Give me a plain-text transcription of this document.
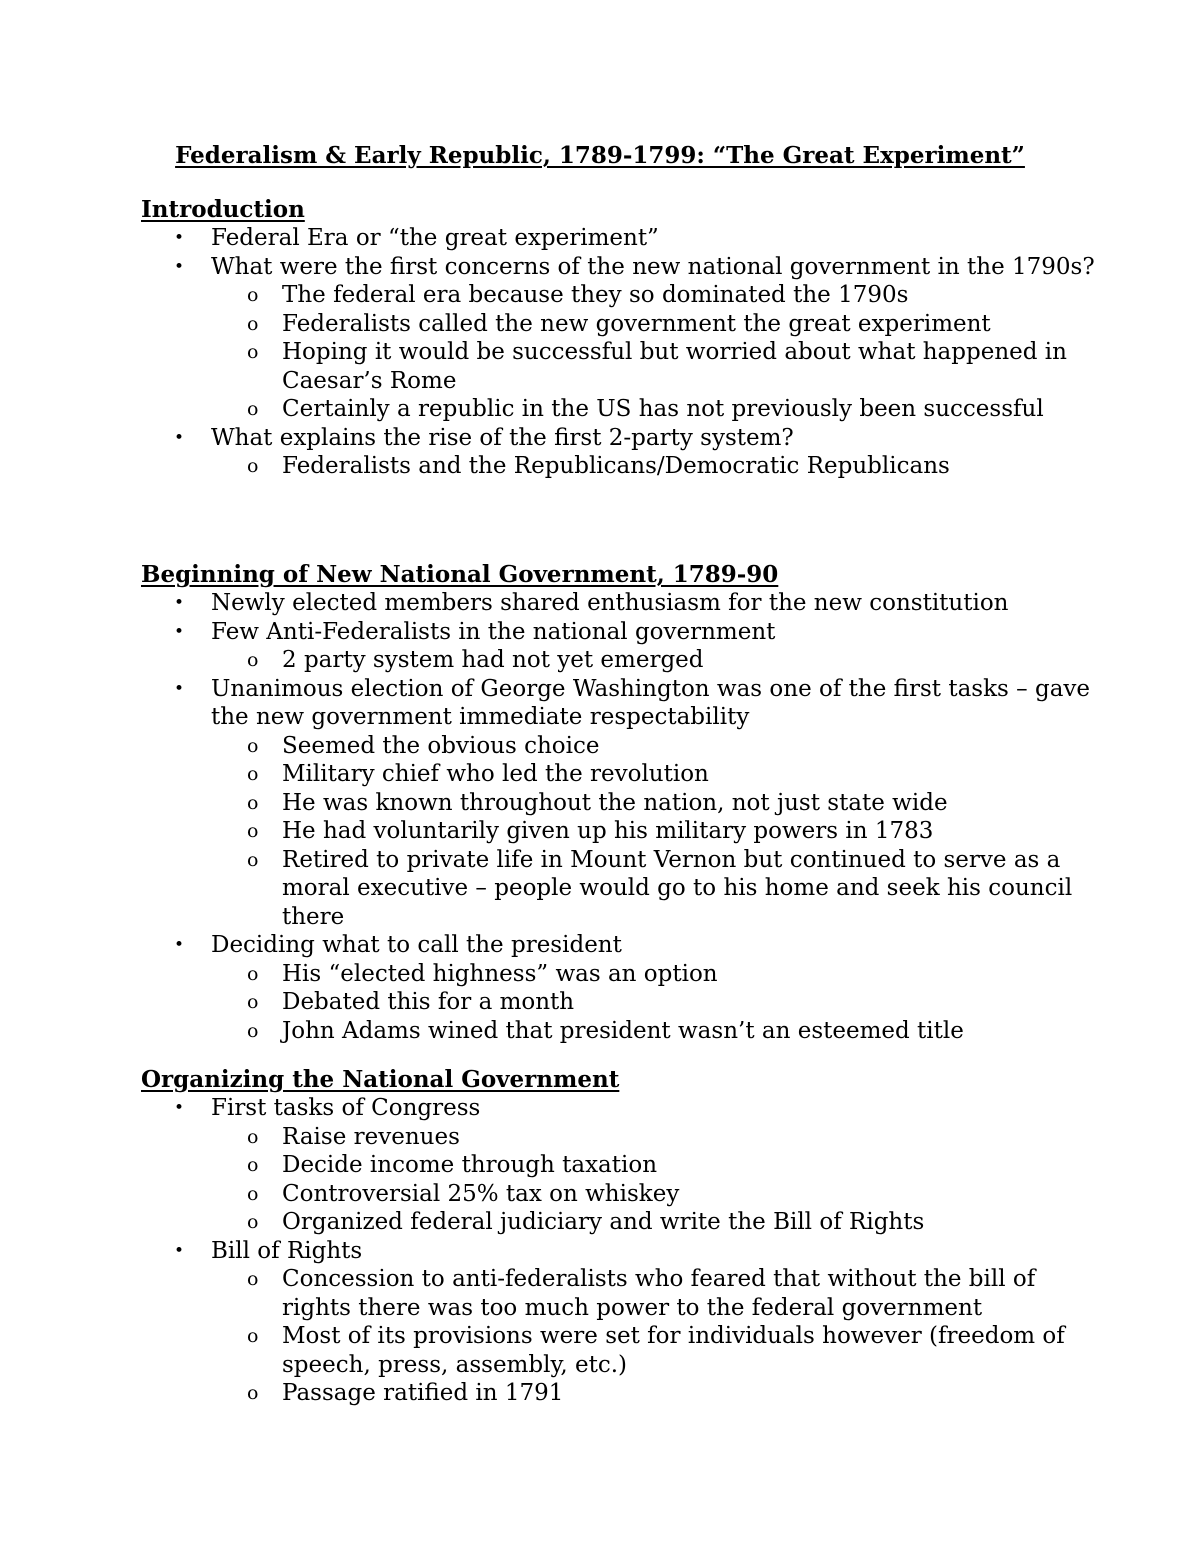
Federalism & Early Republic, 1789-1799: “The Great Experiment”
Introduction
• Federal Era or “the great experiment”
• What were the first concerns of the new national government in the 1790s?
o The federal era because they so dominated the 1790s
o Federalists called the new government the great experiment
o Hoping it would be successful but worried about what happened in Caesar’s Rome
o Certainly a republic in the US has not previously been successful
• What explains the rise of the first 2-party system?
o Federalists and the Republicans/Democratic Republicans
Beginning of New National Government, 1789-90
• Newly elected members shared enthusiasm for the new constitution
• Few Anti-Federalists in the national government
o 2 party system had not yet emerged
• Unanimous election of George Washington was one of the first tasks – gave the new government immediate respectability
o Seemed the obvious choice
o Military chief who led the revolution
o He was known throughout the nation, not just state wide
o He had voluntarily given up his military powers in 1783
o Retired to private life in Mount Vernon but continued to serve as a moral executive – people would go to his home and seek his council there
• Deciding what to call the president
o His “elected highness” was an option
o Debated this for a month
o John Adams wined that president wasn’t an esteemed title
Organizing the National Government
• First tasks of Congress
o Raise revenues
o Decide income through taxation
o Controversial 25% tax on whiskey
o Organized federal judiciary and write the Bill of Rights
• Bill of Rights
o Concession to anti-federalists who feared that without the bill of rights there was too much power to the federal government
o Most of its provisions were set for individuals however (freedom of speech, press, assembly, etc.)
o Passage ratified in 1791
